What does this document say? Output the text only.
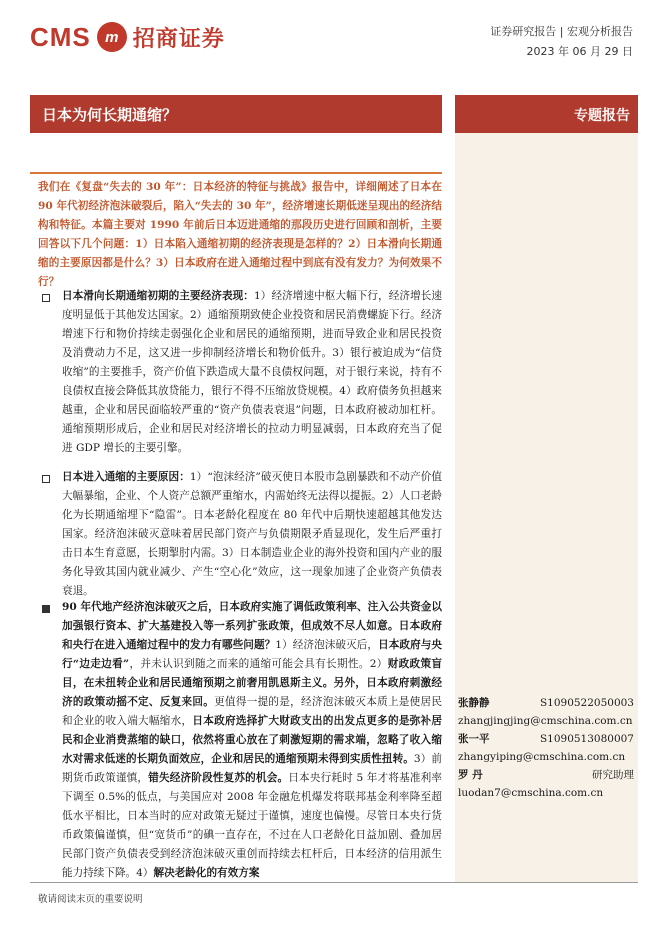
CMS m 招商证券	证券研究报告 | 宏观分析报告
2023 年 06 月 29 日
日本为何长期通缩？	专题报告
我们在《复盘“失去的 30 年”：日本经济的特征与挑战》报告中，详细阐述了日本在 90 年代初经济泡沫破裂后，陷入“失去的 30 年”，经济增速长期低迷呈现出的经济结构和特征。本篇主要对 1990 年前后日本迈进通缩的那段历史进行回顾和剖析，主要回答以下几个问题：1）日本陷入通缩初期的经济表现是怎样的？2）日本滑向长期通缩的主要原因都是什么？3）日本政府在进入通缩过程中到底有没有发力？为何效果不行？
日本滑向长期通缩初期的主要经济表现：1）经济增速中枢大幅下行，经济增长速度明显低于其他发达国家。2）通缩预期致使企业投资和居民消费螺旋下行。经济增速下行和物价持续走弱强化企业和居民的通缩预期，进而导致企业和居民投资及消费动力不足，这又进一步抑制经济增长和物价低升。3）银行被迫成为“信贷收缩”的主要推手，资产价值下跌造成大量不良债权问题，对于银行来说，持有不良债权直接会降低其放贷能力，银行不得不压缩放贷规模。4）政府债务负担越来越重，企业和居民面临较严重的“资产负债表衰退”问题，日本政府被动加杠杆。通缩预期形成后，企业和居民对经济增长的拉动力明显减弱，日本政府充当了促进 GDP 增长的主要引擎。
日本进入通缩的主要原因：1）“泡沫经济”破灭使日本股市急剧暴跌和不动产价值大幅暴缩，企业、个人资产总额严重缩水，内需始终无法得以提振。2）人口老龄化为长期通缩埋下“隐雷”。日本老龄化程度在 80 年代中后期快速超越其他发达国家。经济泡沫破灭意味着居民部门资产与负债期限矛盾显现化，发生后严重打击日本生育意愿，长期掣肘内需。3）日本制造业企业的海外投资和国内产业的服务化导致其国内就业减少、产生“空心化”效应，这一现象加速了企业资产负债表衰退。
90 年代地产经济泡沫破灭之后，日本政府实施了调低政策利率、注入公共资金以加强银行资本、扩大基建投入等一系列扩张政策，但成效不尽人如意。日本政府和央行在进入通缩过程中的发力有哪些问题？1）经济泡沫破灭后，日本政府与央行“边走边看”，并未认识到随之而来的通缩可能会具有长期性。2）财政政策盲目，在未扭转企业和居民通缩预期之前奢用凯恩斯主义。另外，日本政府刺激经济的政策动摇不定、反复来回。更值得一提的是，经济泡沫破灭本质上是使居民和企业的收入端大幅缩水，日本政府选择扩大财政支出的出发点更多的是弥补居民和企业消费蒸缩的缺口，依然将重心放在了刺激短期的需求端，忽略了收入缩水对需求低迷的长期负面效应，企业和居民的通缩预期未得到实质性扭转。3）前期货币政策谨慎，错失经济阶段性复苏的机会。日本央行耗时 5 年才将基准利率下调至 0.5%的低点，与美国应对 2008 年金融危机爆发将联邦基金利率降至超低水平相比，日本当时的应对政策无疑过于谨慎，速度也偏慢。尽管日本央行货币政策偏谨慎，但“宽货币”的碘一直存在，不过在人口老龄化日益加剧、叠加居民部门资产负债表受到经济泡沫破灭重创而持续去杠杆后，日本经济的信用派生能力持续下降。4）解决老龄化的有效方案
张静静	S1090522050003
zhangjingjing@cmschina.com.cn
张一平	S1090513080007
zhangyiping@cmschina.com.cn
罗 丹	研究助理
luodan7@cmschina.com.cn
敬请阅读末页的重要说明
